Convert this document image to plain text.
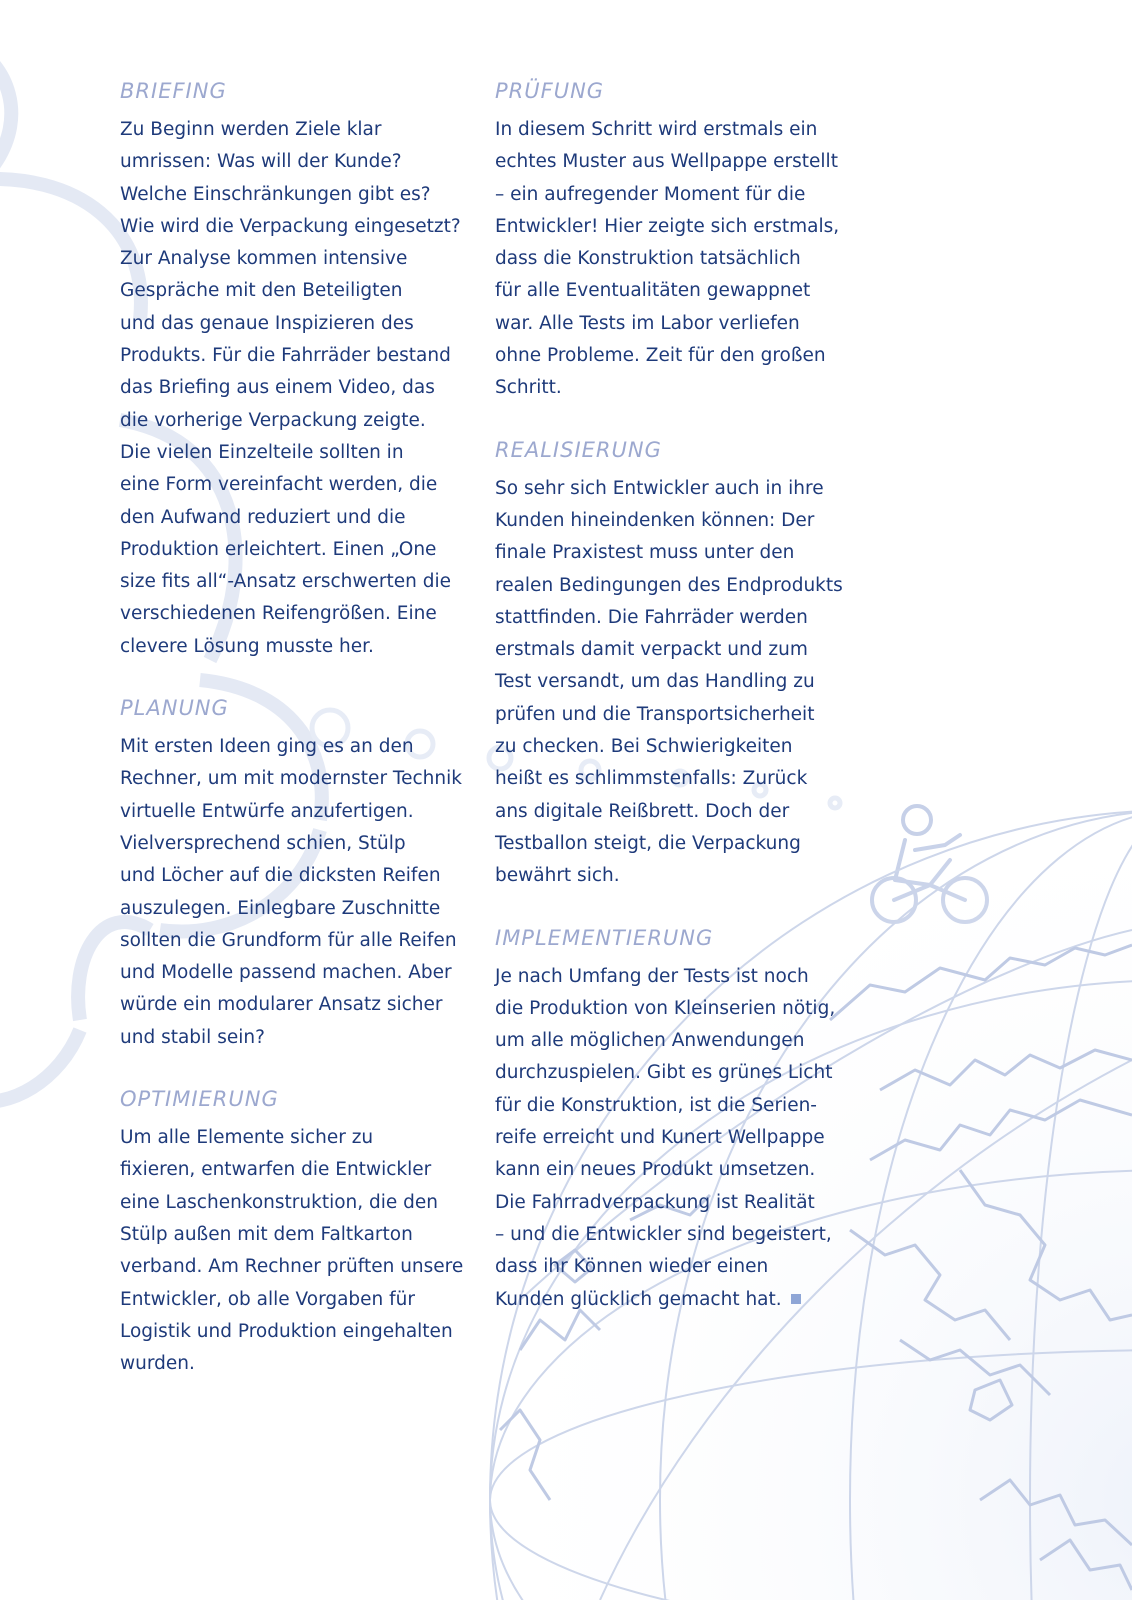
BRIEFING

Zu Beginn werden Ziele klar
umrissen: Was will der Kunde?
Welche Einschränkungen gibt es?
Wie wird die Verpackung eingesetzt?
Zur Analyse kommen intensive
Gespräche mit den Beteiligten
und das genaue Inspizieren des
Produkts. Für die Fahrräder bestand
das Briefing aus einem Video, das
die vorherige Verpackung zeigte.
Die vielen Einzelteile sollten in
eine Form vereinfacht werden, die
den Aufwand reduziert und die
Produktion erleichtert. Einen „One
size fits all“-Ansatz erschwerten die
verschiedenen Reifengrößen. Eine
clevere Lösung musste her.

PLANUNG

Mit ersten Ideen ging es an den
Rechner, um mit modernster Technik
virtuelle Entwürfe anzufertigen.
Vielversprechend schien, Stülp
und Löcher auf die dicksten Reifen
auszulegen. Einlegbare Zuschnitte
sollten die Grundform für alle Reifen
und Modelle passend machen. Aber
würde ein modularer Ansatz sicher
und stabil sein?

OPTIMIERUNG

Um alle Elemente sicher zu
fixieren, entwarfen die Entwickler
eine Laschenkonstruktion, die den
Stülp außen mit dem Faltkarton
verband. Am Rechner prüften unsere
Entwickler, ob alle Vorgaben für
Logistik und Produktion eingehalten
wurden.

PRÜFUNG

In diesem Schritt wird erstmals ein
echtes Muster aus Wellpappe erstellt
– ein aufregender Moment für die
Entwickler! Hier zeigte sich erstmals,
dass die Konstruktion tatsächlich
für alle Eventualitäten gewappnet
war. Alle Tests im Labor verliefen
ohne Probleme. Zeit für den großen
Schritt.

REALISIERUNG

So sehr sich Entwickler auch in ihre
Kunden hineindenken können: Der
finale Praxistest muss unter den
realen Bedingungen des Endprodukts
stattfinden. Die Fahrräder werden
erstmals damit verpackt und zum
Test versandt, um das Handling zu
prüfen und die Transportsicherheit
zu checken. Bei Schwierigkeiten
heißt es schlimmstenfalls: Zurück
ans digitale Reißbrett. Doch der
Testballon steigt, die Verpackung
bewährt sich.

IMPLEMENTIERUNG

Je nach Umfang der Tests ist noch
die Produktion von Kleinserien nötig,
um alle möglichen Anwendungen
durchzuspielen. Gibt es grünes Licht
für die Konstruktion, ist die Serien-
reife erreicht und Kunert Wellpappe
kann ein neues Produkt umsetzen.
Die Fahrradverpackung ist Realität
– und die Entwickler sind begeistert,
dass ihr Können wieder einen
Kunden glücklich gemacht hat.
